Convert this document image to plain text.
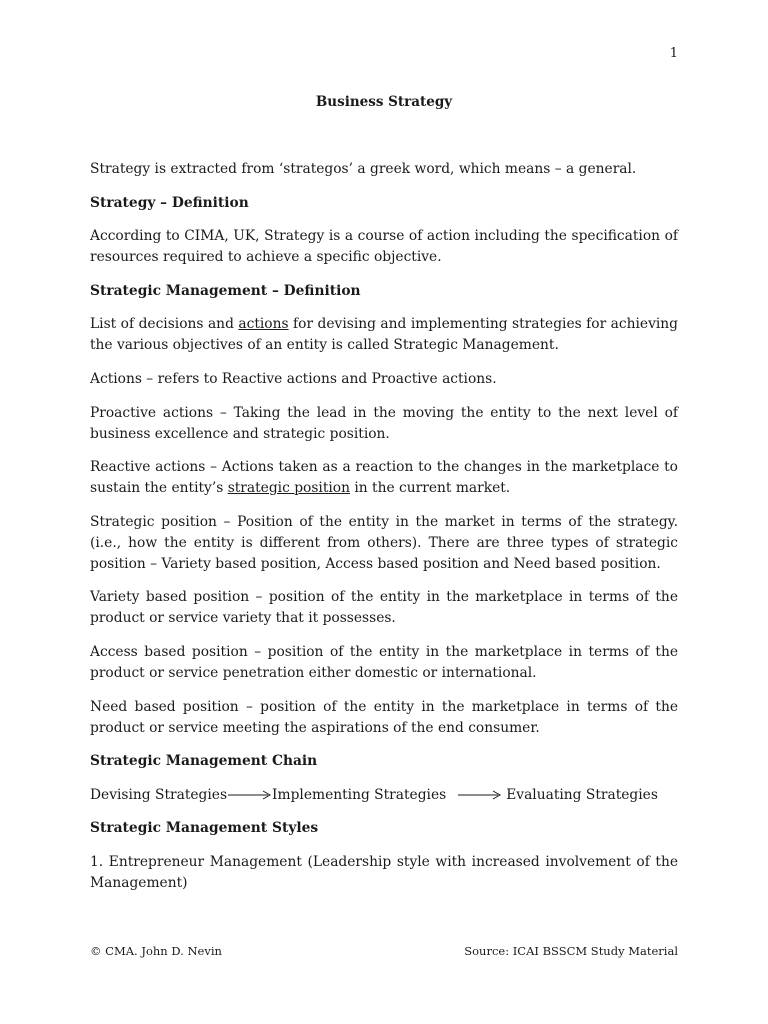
1
Business Strategy

Strategy is extracted from ‘strategos’ a greek word, which means – a general.

Strategy – Definition

According to CIMA, UK, Strategy is a course of action including the specification of resources required to achieve a specific objective.

Strategic Management – Definition

List of decisions and actions for devising and implementing strategies for achieving the various objectives of an entity is called Strategic Management.

Actions – refers to Reactive actions and Proactive actions.

Proactive actions – Taking the lead in the moving the entity to the next level of business excellence and strategic position.

Reactive actions – Actions taken as a reaction to the changes in the marketplace to sustain the entity’s strategic position in the current market.

Strategic position – Position of the entity in the market in terms of the strategy. (i.e., how the entity is different from others). There are three types of strategic position – Variety based position, Access based position and Need based position.

Variety based position – position of the entity in the marketplace in terms of the product or service variety that it possesses.

Access based position – position of the entity in the marketplace in terms of the product or service penetration either domestic or international.

Need based position – position of the entity in the marketplace in terms of the product or service meeting the aspirations of the end consumer.

Strategic Management Chain

Devising Strategies	Implementing Strategies	Evaluating Strategies

Strategic Management Styles

1. Entrepreneur Management (Leadership style with increased involvement of the Management)

© CMA. John D. Nevin	Source: ICAI BSSCM Study Material
